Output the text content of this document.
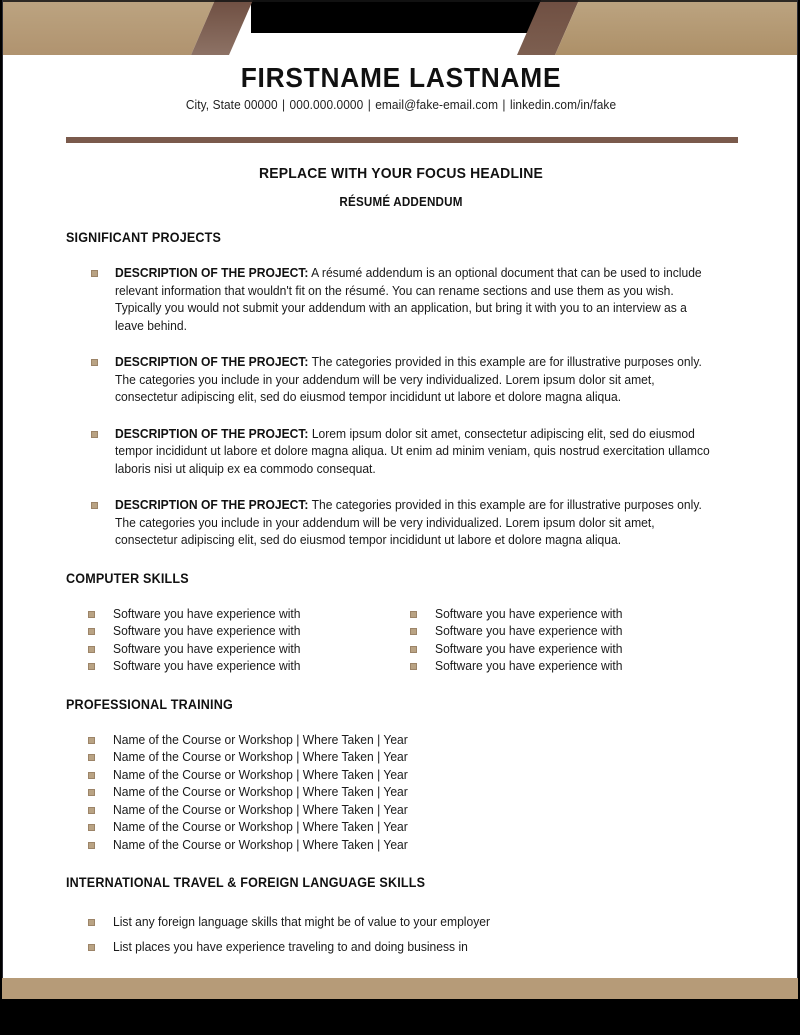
FIRSTNAME LASTNAME
City, State 00000 | 000.000.0000 | email@fake-email.com | linkedin.com/in/fake
REPLACE WITH YOUR FOCUS HEADLINE
RÉSUMÉ ADDENDUM
SIGNIFICANT PROJECTS
DESCRIPTION OF THE PROJECT: A résumé addendum is an optional document that can be used to include relevant information that wouldn't fit on the résumé. You can rename sections and use them as you wish. Typically you would not submit your addendum with an application, but bring it with you to an interview as a leave behind.
DESCRIPTION OF THE PROJECT: The categories provided in this example are for illustrative purposes only. The categories you include in your addendum will be very individualized. Lorem ipsum dolor sit amet, consectetur adipiscing elit, sed do eiusmod tempor incididunt ut labore et dolore magna aliqua.
DESCRIPTION OF THE PROJECT: Lorem ipsum dolor sit amet, consectetur adipiscing elit, sed do eiusmod tempor incididunt ut labore et dolore magna aliqua. Ut enim ad minim veniam, quis nostrud exercitation ullamco laboris nisi ut aliquip ex ea commodo consequat.
DESCRIPTION OF THE PROJECT: The categories provided in this example are for illustrative purposes only. The categories you include in your addendum will be very individualized. Lorem ipsum dolor sit amet, consectetur adipiscing elit, sed do eiusmod tempor incididunt ut labore et dolore magna aliqua.
COMPUTER SKILLS
Software you have experience with
Software you have experience with
Software you have experience with
Software you have experience with
Software you have experience with
Software you have experience with
Software you have experience with
Software you have experience with
PROFESSIONAL TRAINING
Name of the Course or Workshop | Where Taken | Year
Name of the Course or Workshop | Where Taken | Year
Name of the Course or Workshop | Where Taken | Year
Name of the Course or Workshop | Where Taken | Year
Name of the Course or Workshop | Where Taken | Year
Name of the Course or Workshop | Where Taken | Year
Name of the Course or Workshop | Where Taken | Year
INTERNATIONAL TRAVEL & FOREIGN LANGUAGE SKILLS
List any foreign language skills that might be of value to your employer
List places you have experience traveling to and doing business in
